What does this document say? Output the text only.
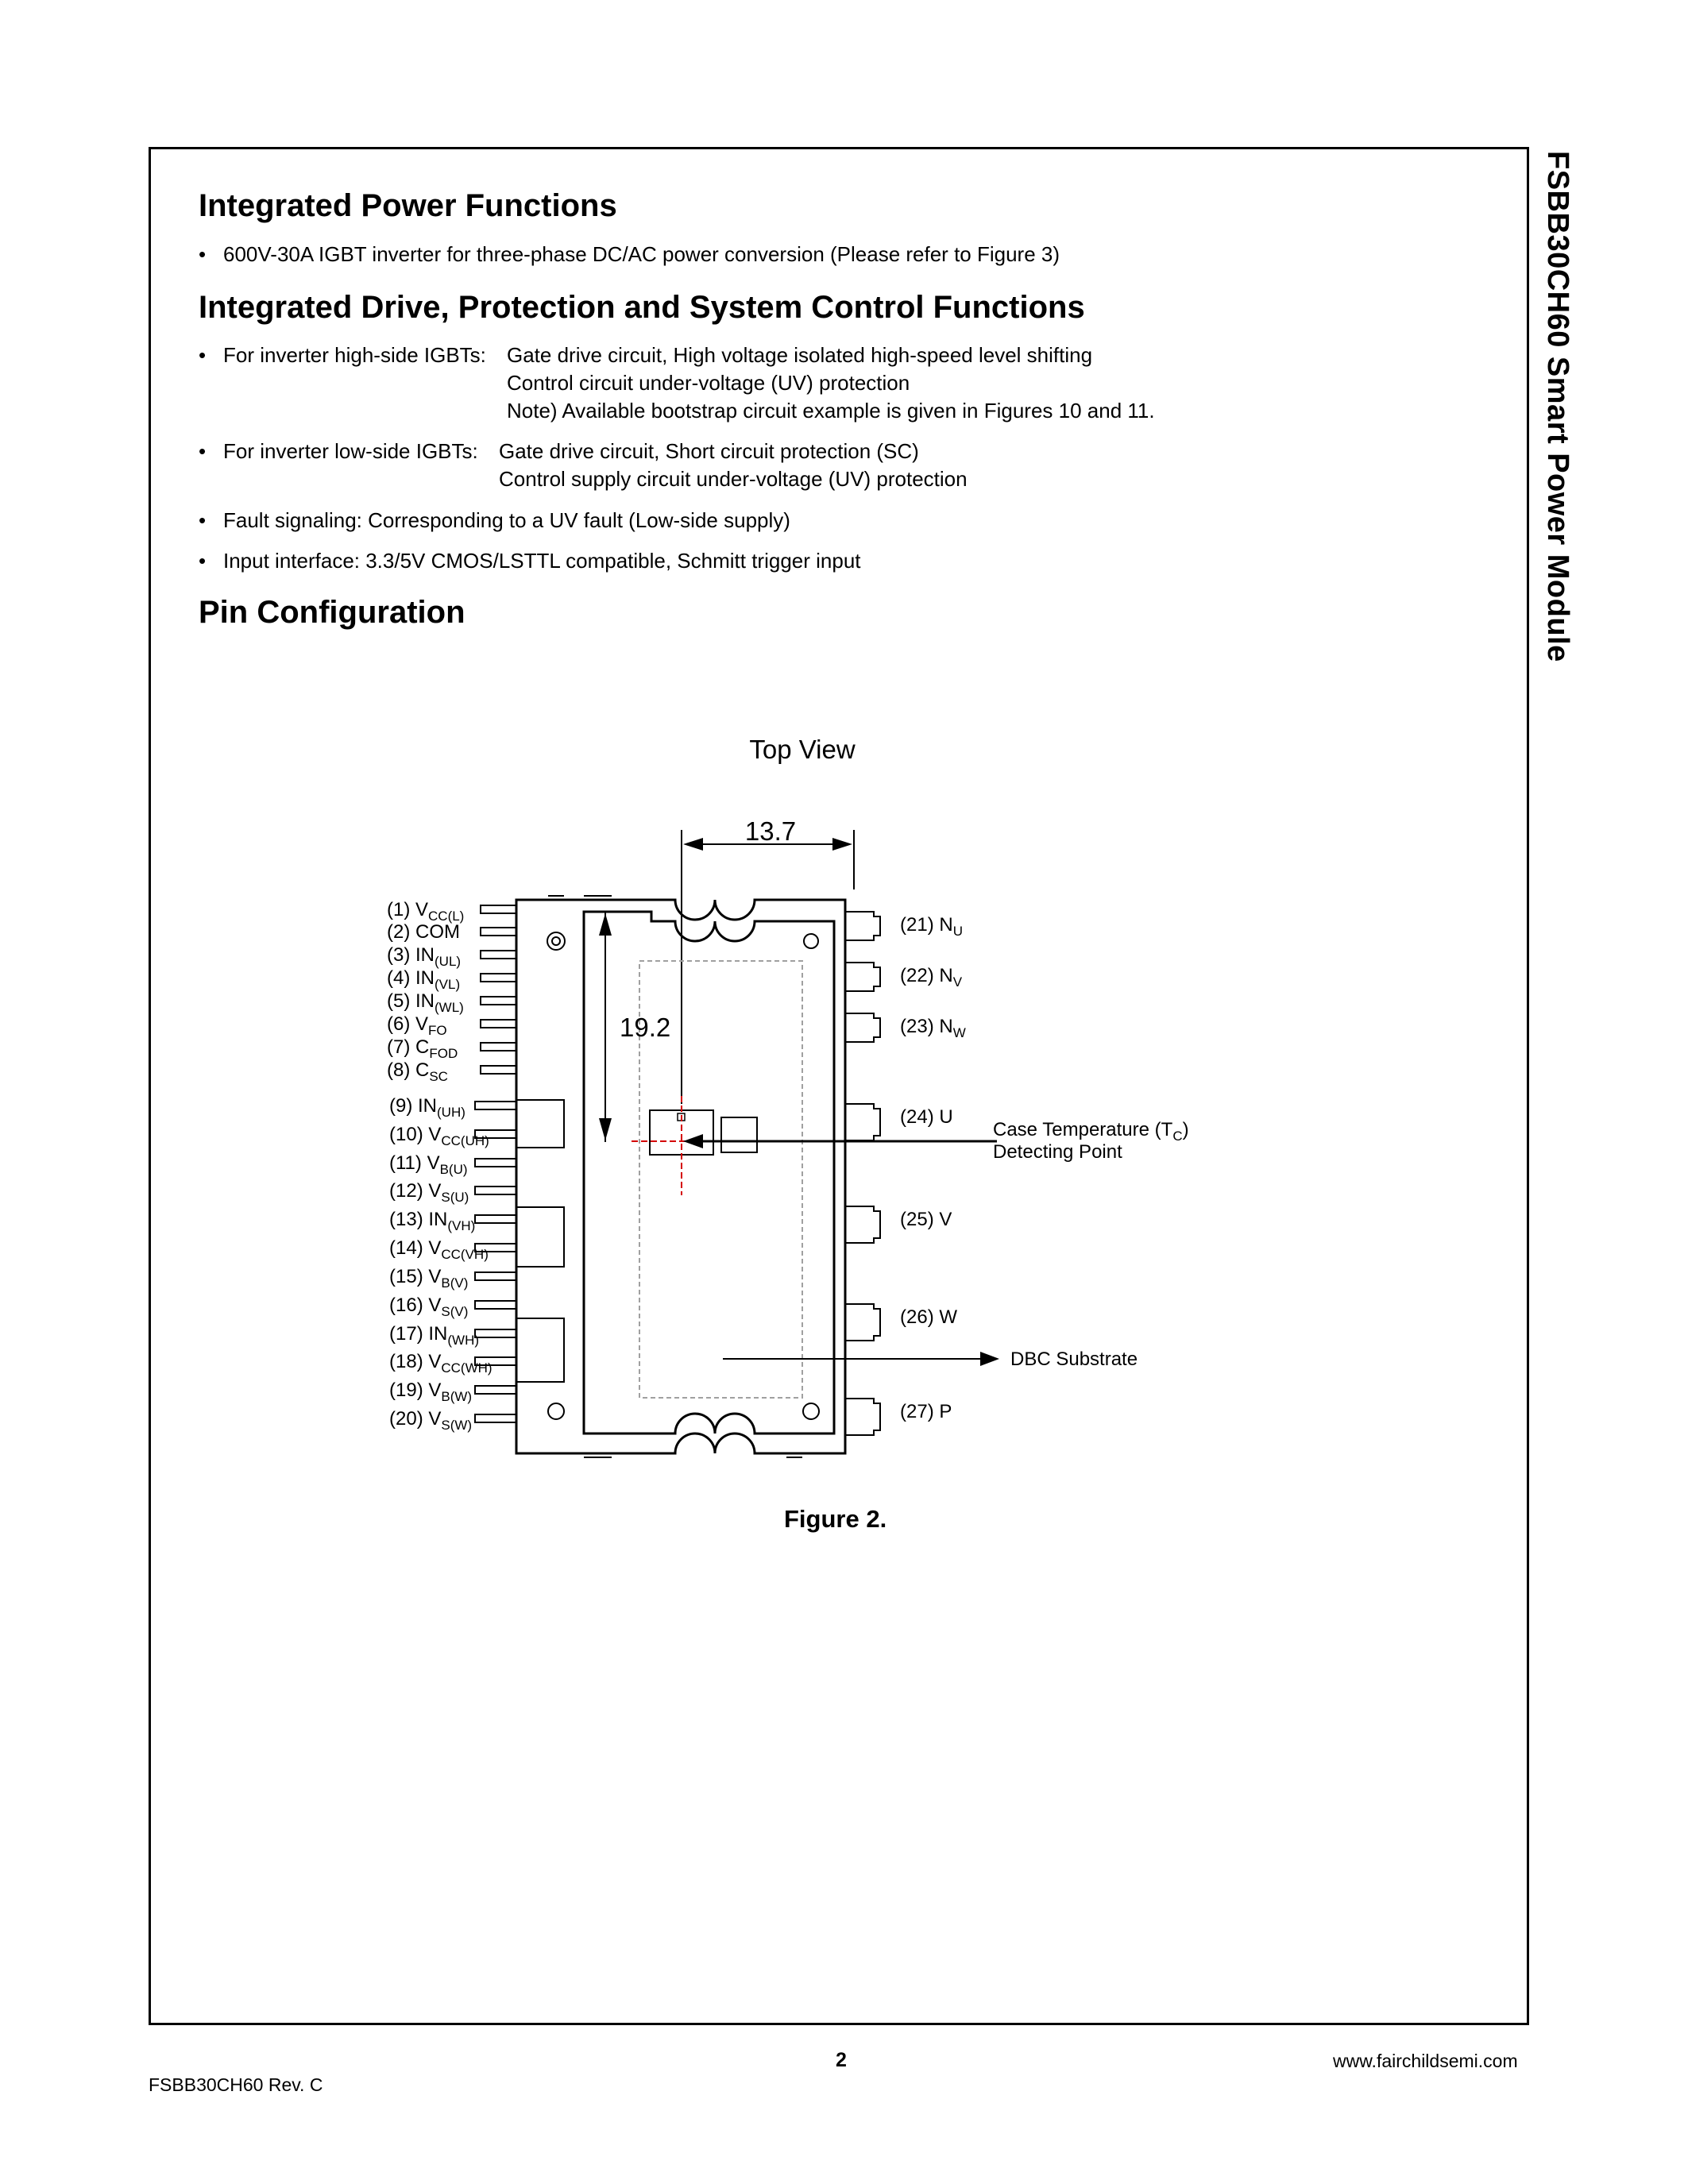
FSBB30CH60 Smart Power Module
Integrated Power Functions
• 600V-30A IGBT inverter for three-phase DC/AC power conversion (Please refer to Figure 3)
Integrated Drive, Protection and System Control Functions
• For inverter high-side IGBTs: Gate drive circuit, High voltage isolated high-speed level shifting
Control circuit under-voltage (UV) protection
Note) Available bootstrap circuit example is given in Figures 10 and 11.
• For inverter low-side IGBTs: Gate drive circuit, Short circuit protection (SC)
Control supply circuit under-voltage (UV) protection
• Fault signaling: Corresponding to a UV fault (Low-side supply)
• Input interface: 3.3/5V CMOS/LSTTL compatible, Schmitt trigger input
Pin Configuration
Top View
13.7
19.2
Case Temperature $(T_C)$
Detecting Point
DBC Substrate
(1) $V_{CC(L)}$
(2) COM
(3) $IN_{(UL)}$
(4) $IN_{(VL)}$
(5) $IN_{(WL)}$
(6) $V_{FO}$
(7) $C_{FOD}$
(8) $C_{SC}$
(9) $IN_{(UH)}$
(10) $V_{CC(UH)}$
(11) $V_{B(U)}$
(12) $V_{S(U)}$
(13) $IN_{(VH)}$
(14) $V_{CC(VH)}$
(15) $V_{B(V)}$
(16) $V_{S(V)}$
(17) $IN_{(WH)}$
(18) $V_{CC(WH)}$
(19) $V_{B(W)}$
(20) $V_{S(W)}$
(21) $N_U$
(22) $N_V$
(23) $N_W$
(24) U
(25) V
(26) W
(27) P
Figure 2.
2	www.fairchildsemi.com
FSBB30CH60 Rev. C
